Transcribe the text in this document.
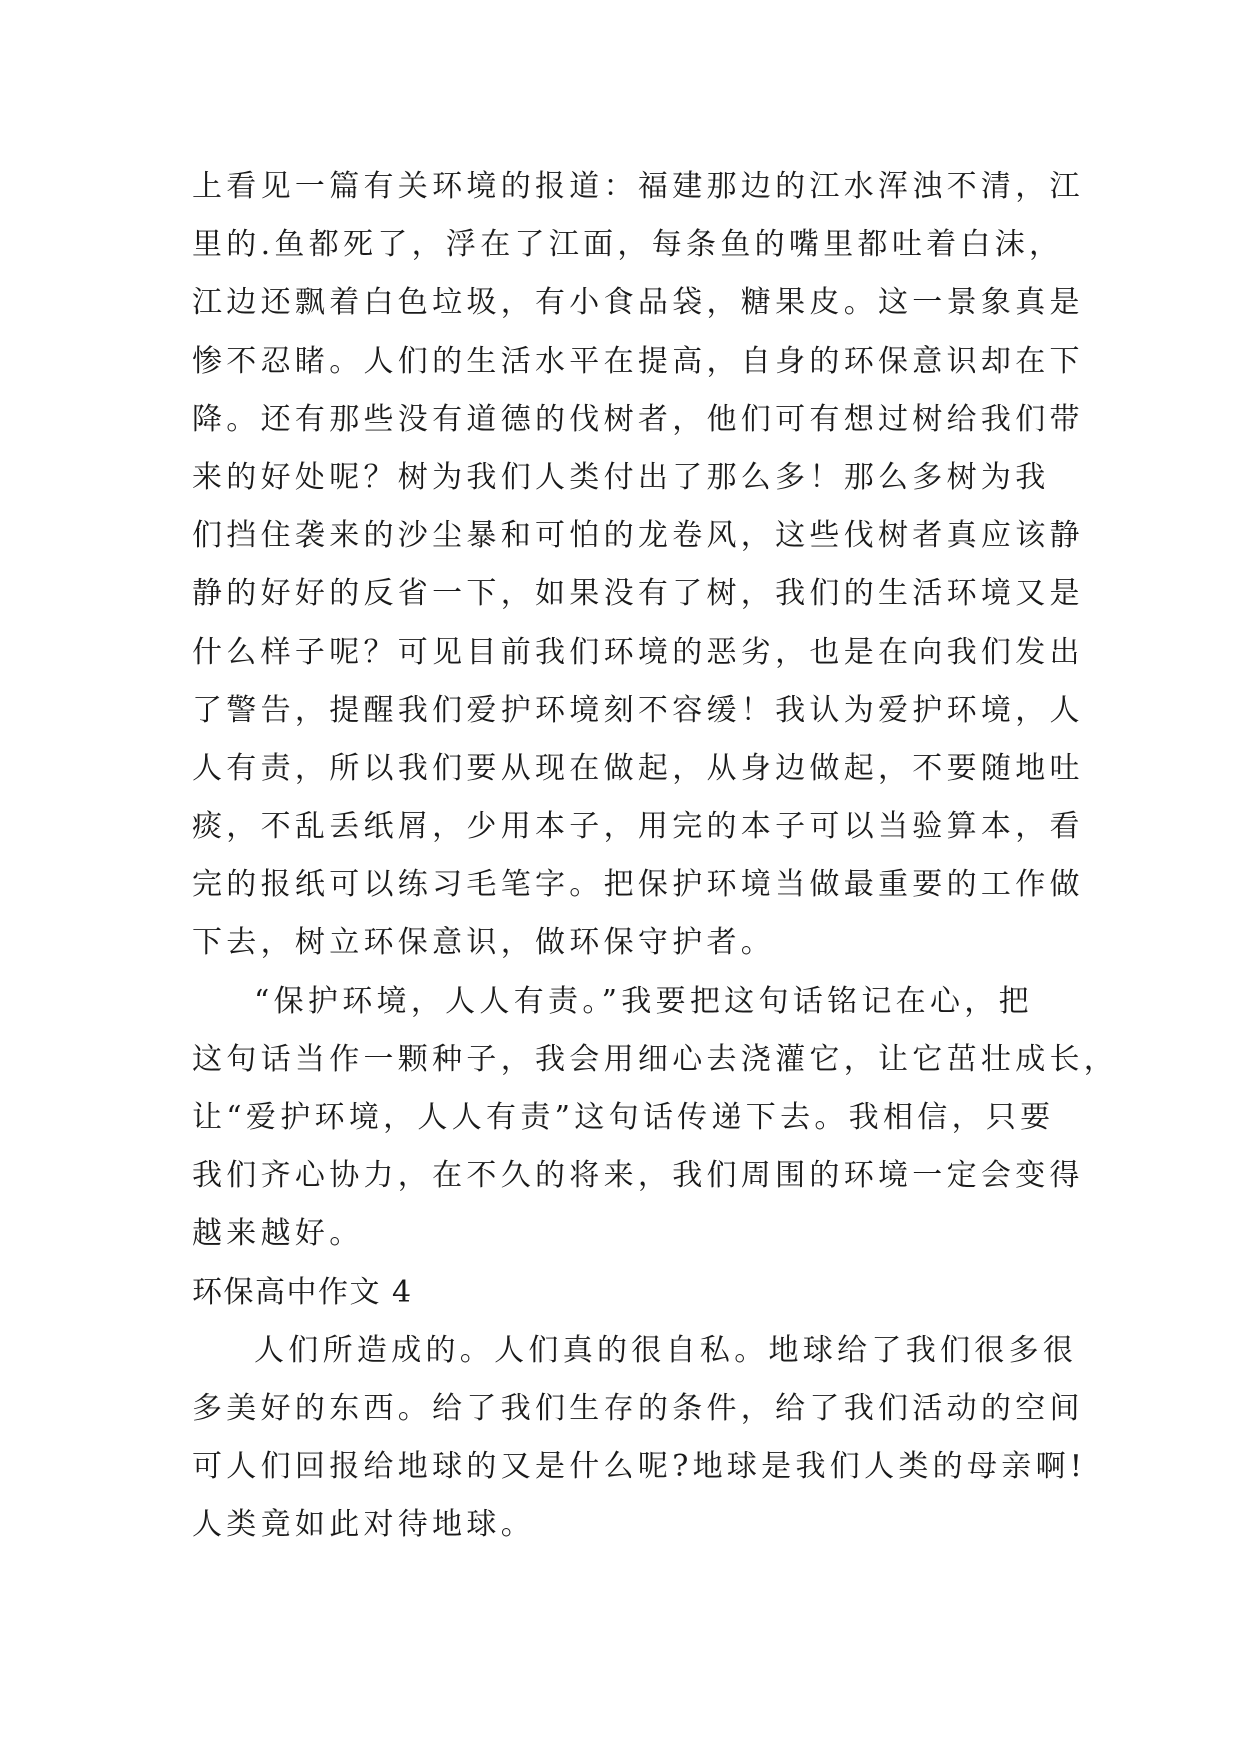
上看见一篇有关环境的报道：福建那边的江水浑浊不清，江
里的.鱼都死了，浮在了江面，每条鱼的嘴里都吐着白沫，
江边还飘着白色垃圾，有小食品袋，糖果皮。这一景象真是
惨不忍睹。人们的生活水平在提高，自身的环保意识却在下
降。还有那些没有道德的伐树者，他们可有想过树给我们带
来的好处呢？树为我们人类付出了那么多！那么多树为我
们挡住袭来的沙尘暴和可怕的龙卷风，这些伐树者真应该静
静的好好的反省一下，如果没有了树，我们的生活环境又是
什么样子呢？可见目前我们环境的恶劣，也是在向我们发出
了警告，提醒我们爱护环境刻不容缓！我认为爱护环境，人
人有责，所以我们要从现在做起，从身边做起，不要随地吐
痰，不乱丢纸屑，少用本子，用完的本子可以当验算本，看
完的报纸可以练习毛笔字。把保护环境当做最重要的工作做
下去，树立环保意识，做环保守护者。
“保护环境，人人有责。”我要把这句话铭记在心，把
这句话当作一颗种子，我会用细心去浇灌它，让它茁壮成长，
让“爱护环境，人人有责”这句话传递下去。我相信，只要
我们齐心协力，在不久的将来，我们周围的环境一定会变得
越来越好。
环保高中作文 4
人们所造成的。人们真的很自私。地球给了我们很多很
多美好的东西。给了我们生存的条件，给了我们活动的空间
可人们回报给地球的又是什么呢?地球是我们人类的母亲啊!
人类竟如此对待地球。
